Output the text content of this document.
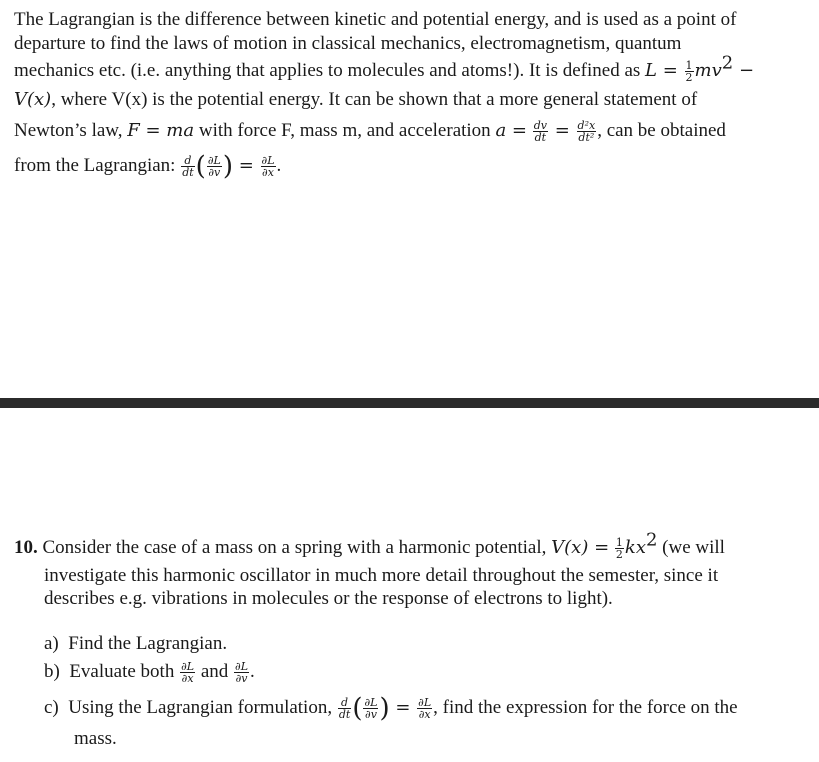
The Lagrangian is the difference between kinetic and potential energy, and is used as a point of
departure to find the laws of motion in classical mechanics, electromagnetism, quantum
mechanics etc. (i.e. anything that applies to molecules and atoms!). It is defined as $L = \frac{1}{2} mv^2$ −
V(x), where V(x) is the potential energy. It can be shown that a more general statement of
Newton’s law, F = ma with force F, mass m, and acceleration $a = \frac{dv}{dt} = \frac{\text{d²x}}{\text{dt²}}$ , can be obtained
from the Lagrangian: $\frac{d}{dt}$ ( $\frac{\partial L}{\partial v}$ ) = $\frac{\partial L}{\partial x}$ .
10. Consider the case of a mass on a spring with a harmonic potential, $V(x) = \frac{1}{2} kx^2$ (we will
investigate this harmonic oscillator in much more detail throughout the semester, since it
describes e.g. vibrations in molecules or the response of electrons to light).
a) Find the Lagrangian.
b) Evaluate both $\frac{\partial L}{\partial x}$ and $\frac{\partial L}{\partial v}$ .
c) Using the Lagrangian formulation, $\frac{d}{dt}$ ( $\frac{\partial L}{\partial v}$ ) = $\frac{\partial L}{\partial x}$ , find the expression for the force on the
mass.
